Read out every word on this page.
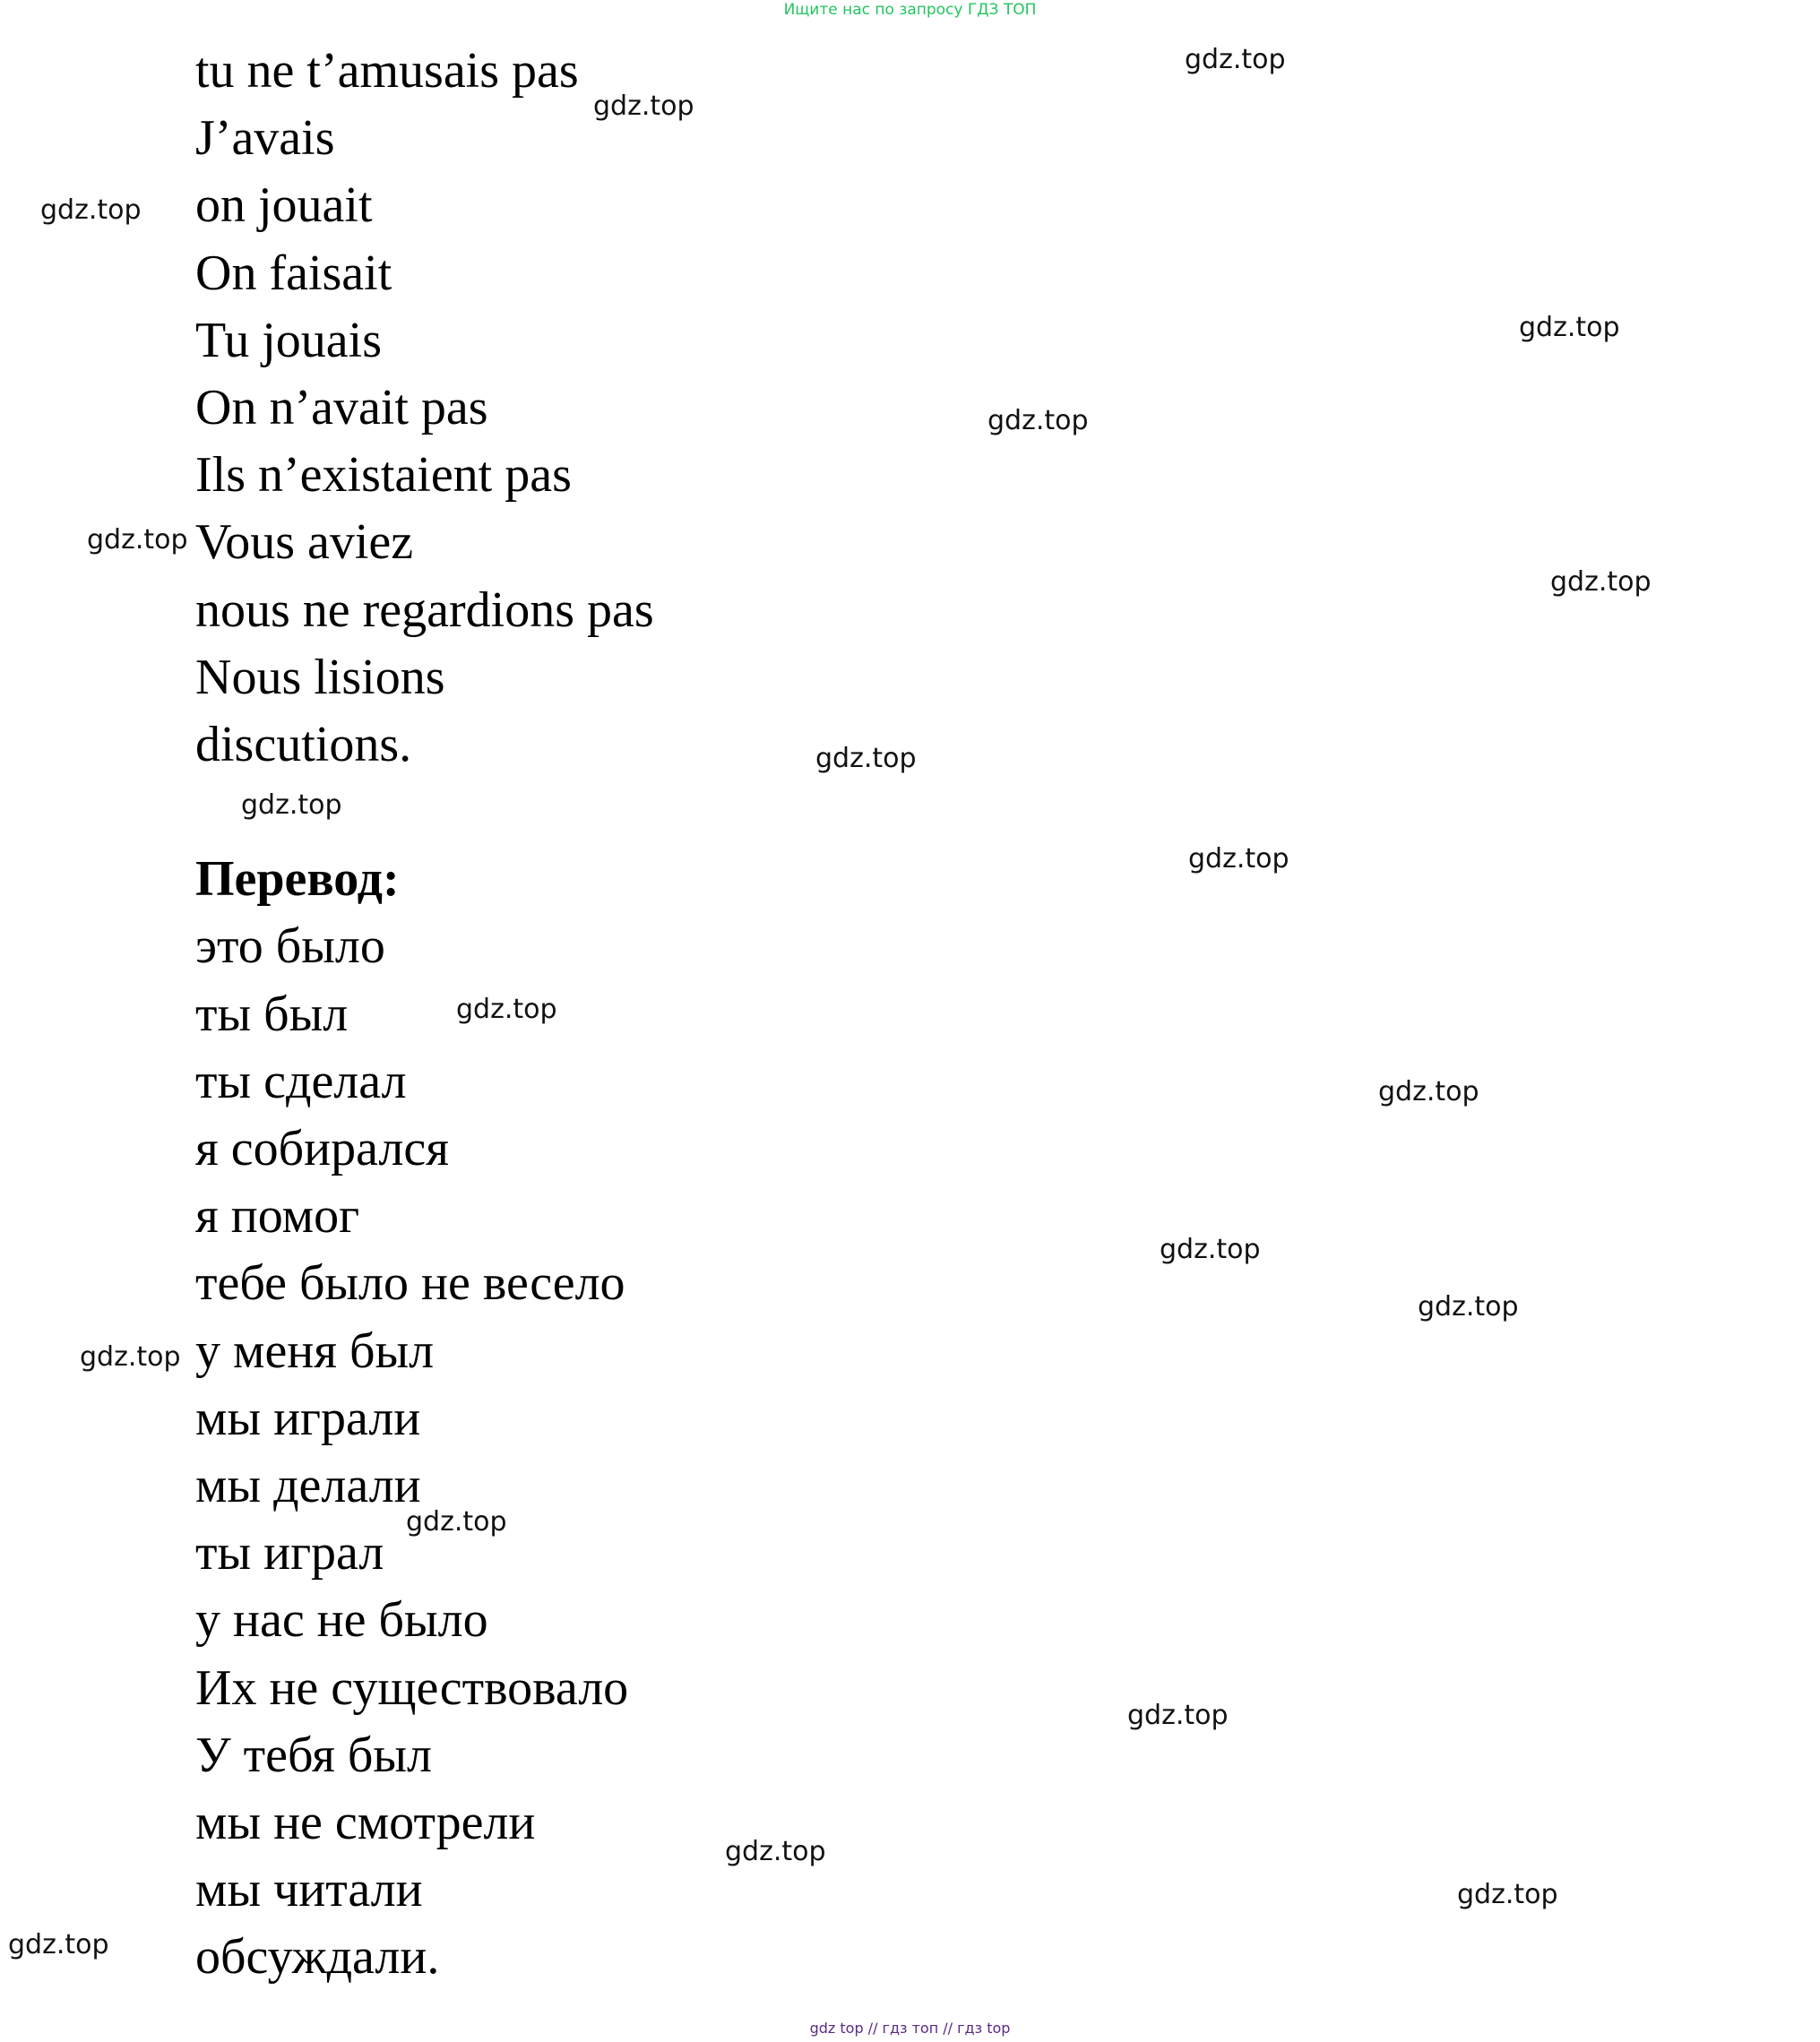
Ищите нас по запросу ГДЗ ТОП
tu ne t’amusais pas
J’avais
on jouait
On faisait
Tu jouais
On n’avait pas
Ils n’existaient pas
Vous aviez
nous ne regardions pas
Nous lisions
discutions.
Перевод:
это было
ты был
ты сделал
я собирался
я помог
тебе было не весело
у меня был
мы играли
мы делали
ты играл
у нас не было
Их не существовало
У тебя был
мы не смотрели
мы читали
обсуждали.
gdz.top
gdz.top
gdz.top
gdz.top
gdz.top
gdz.top
gdz.top
gdz.top
gdz.top
gdz.top
gdz.top
gdz.top
gdz.top
gdz.top
gdz.top
gdz.top
gdz.top
gdz.top
gdz.top
gdz.top
gdz top // гдз топ // гдз top
